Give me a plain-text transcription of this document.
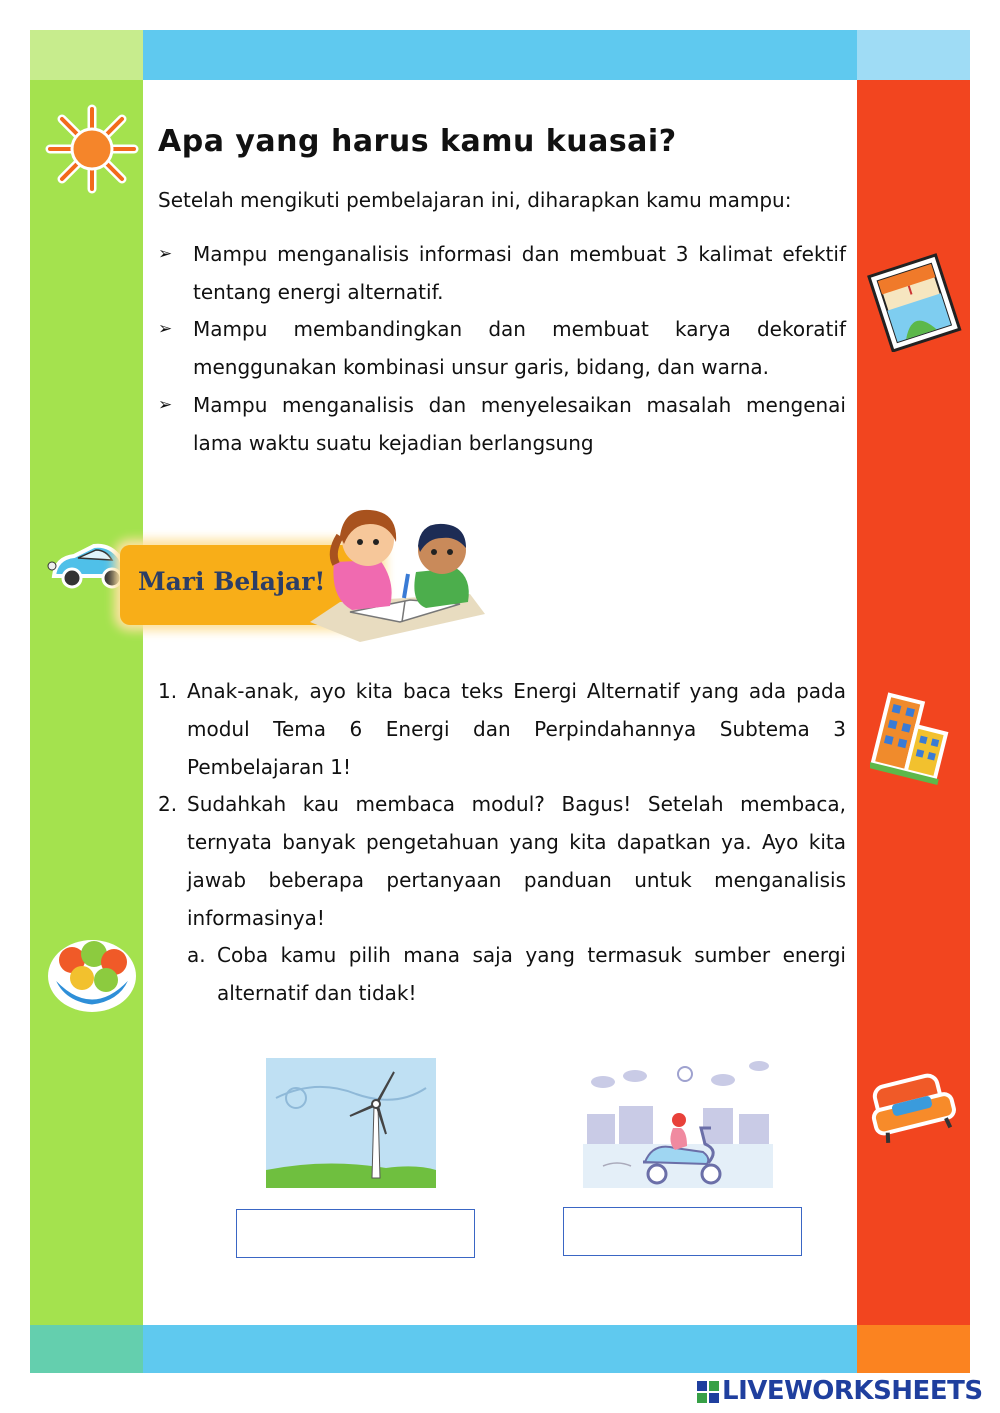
Apa yang harus kamu kuasai?
Setelah mengikuti pembelajaran ini, diharapkan kamu mampu:
➢	Mampu menganalisis informasi dan membuat 3 kalimat efektif tentang energi alternatif.
➢	Mampu membandingkan dan membuat karya dekoratif menggunakan kombinasi unsur garis, bidang, dan warna.
➢	Mampu menganalisis dan menyelesaikan masalah mengenai lama waktu suatu kejadian berlangsung
Mari Belajar!
1. Anak-anak, ayo kita baca teks Energi Alternatif yang ada pada modul Tema 6 Energi dan Perpindahannya Subtema 3 Pembelajaran 1!
2. Sudahkah kau membaca modul? Bagus! Setelah membaca, ternyata banyak pengetahuan yang kita dapatkan ya. Ayo kita jawab beberapa pertanyaan panduan untuk menganalisis informasinya!
a. Coba kamu pilih mana saja yang termasuk sumber energi alternatif dan tidak!
LIVEWORKSHEETS
